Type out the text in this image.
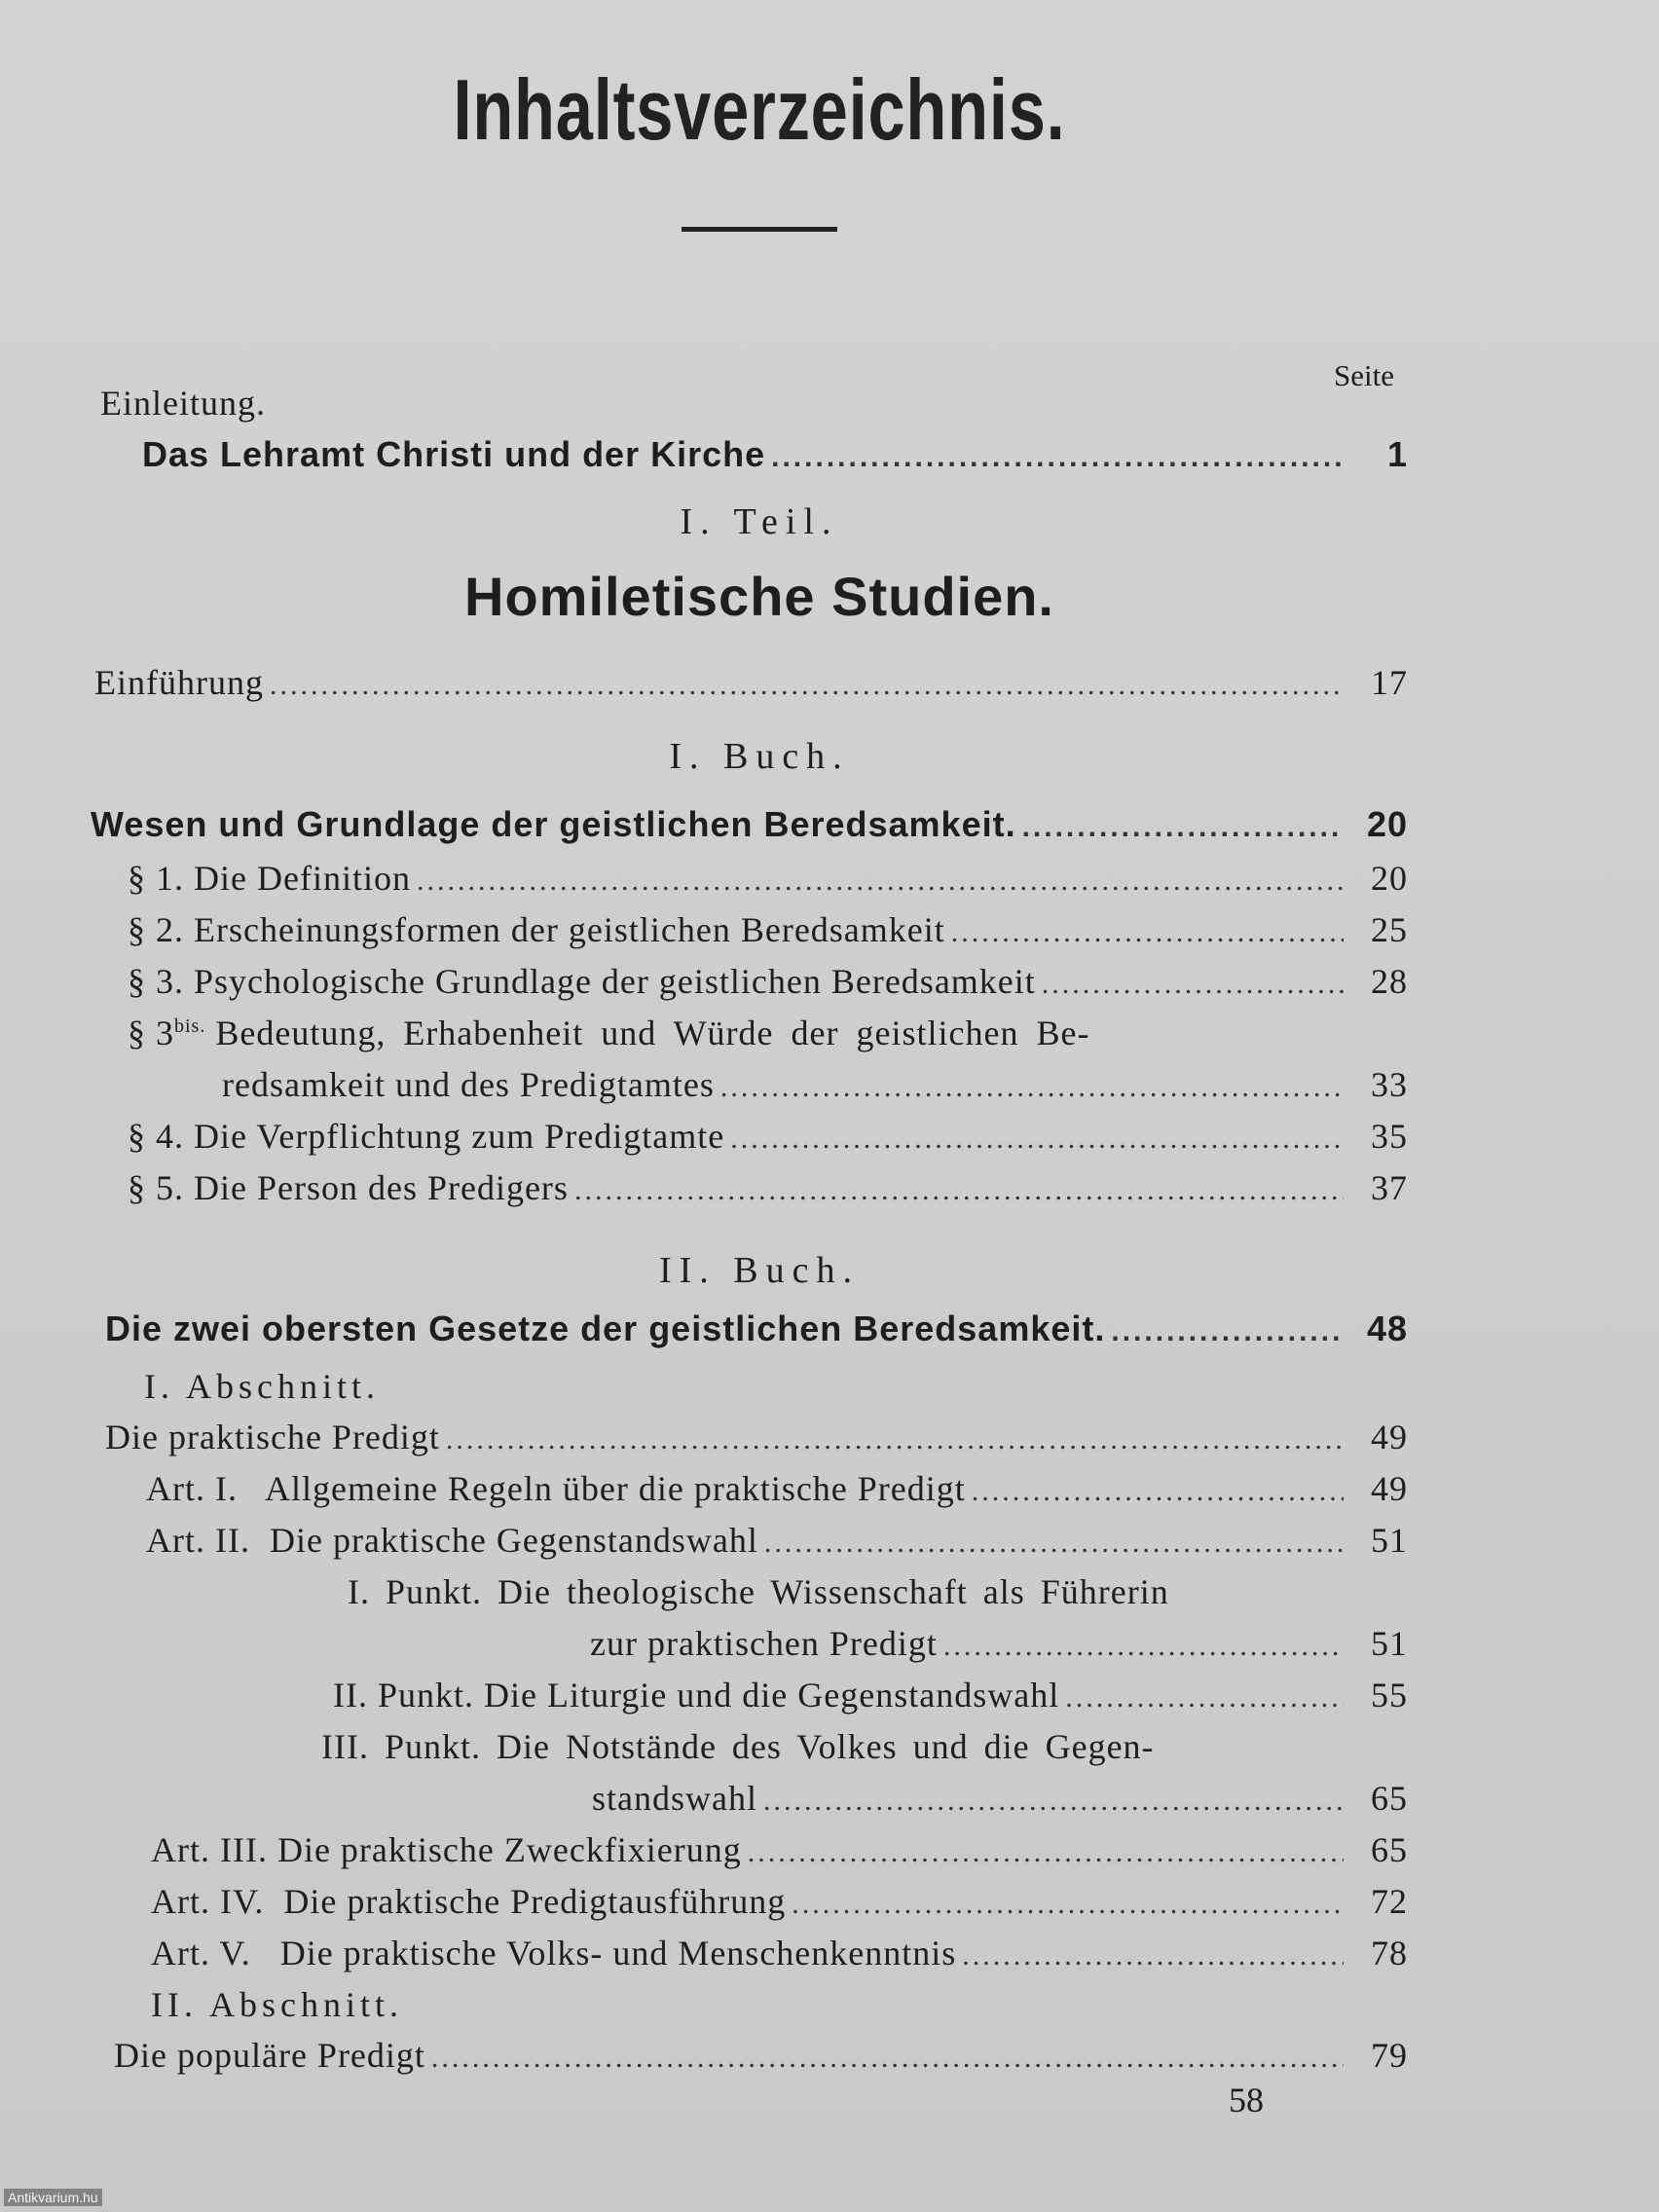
Inhaltsverzeichnis.
Seite
Einleitung.
Das Lehramt Christi und der Kirche .....	1
I. Teil.
Homiletische Studien.
Einführung .....	17
I. Buch.
Wesen und Grundlage der geistlichen Beredsamkeit. .....	20
§ 1. Die Definition .....	20
§ 2. Erscheinungsformen der geistlichen Beredsamkeit .....	25
§ 3. Psychologische Grundlage der geistlichen Beredsamkeit .....	28
§ $3^{bis.}$ Bedeutung, Erhabenheit und Würde der geistlichen Be-
redsamkeit und des Predigtamtes .....	33
§ 4. Die Verpflichtung zum Predigtamte .....	35
§ 5. Die Person des Predigers .....	37
II. Buch.
Die zwei obersten Gesetze der geistlichen Beredsamkeit. .....	48
I. Abschnitt.
Die praktische Predigt .....	49
Art. I.   Allgemeine Regeln über die praktische Predigt .....	49
Art. II.  Die praktische Gegenstandswahl .....	51
I. Punkt. Die theologische Wissenschaft als Führerin
zur praktischen Predigt .....	51
II. Punkt. Die Liturgie und die Gegenstandswahl .....	55
III. Punkt. Die Notstände des Volkes und die Gegen-
standswahl .....	65
Art. III. Die praktische Zweckfixierung .....	65
Art. IV.  Die praktische Predigtausführung .....	72
Art. V.   Die praktische Volks- und Menschenkenntnis .....	78
II. Abschnitt.
Die populäre Predigt .....	79
58
Antikvarium.hu
